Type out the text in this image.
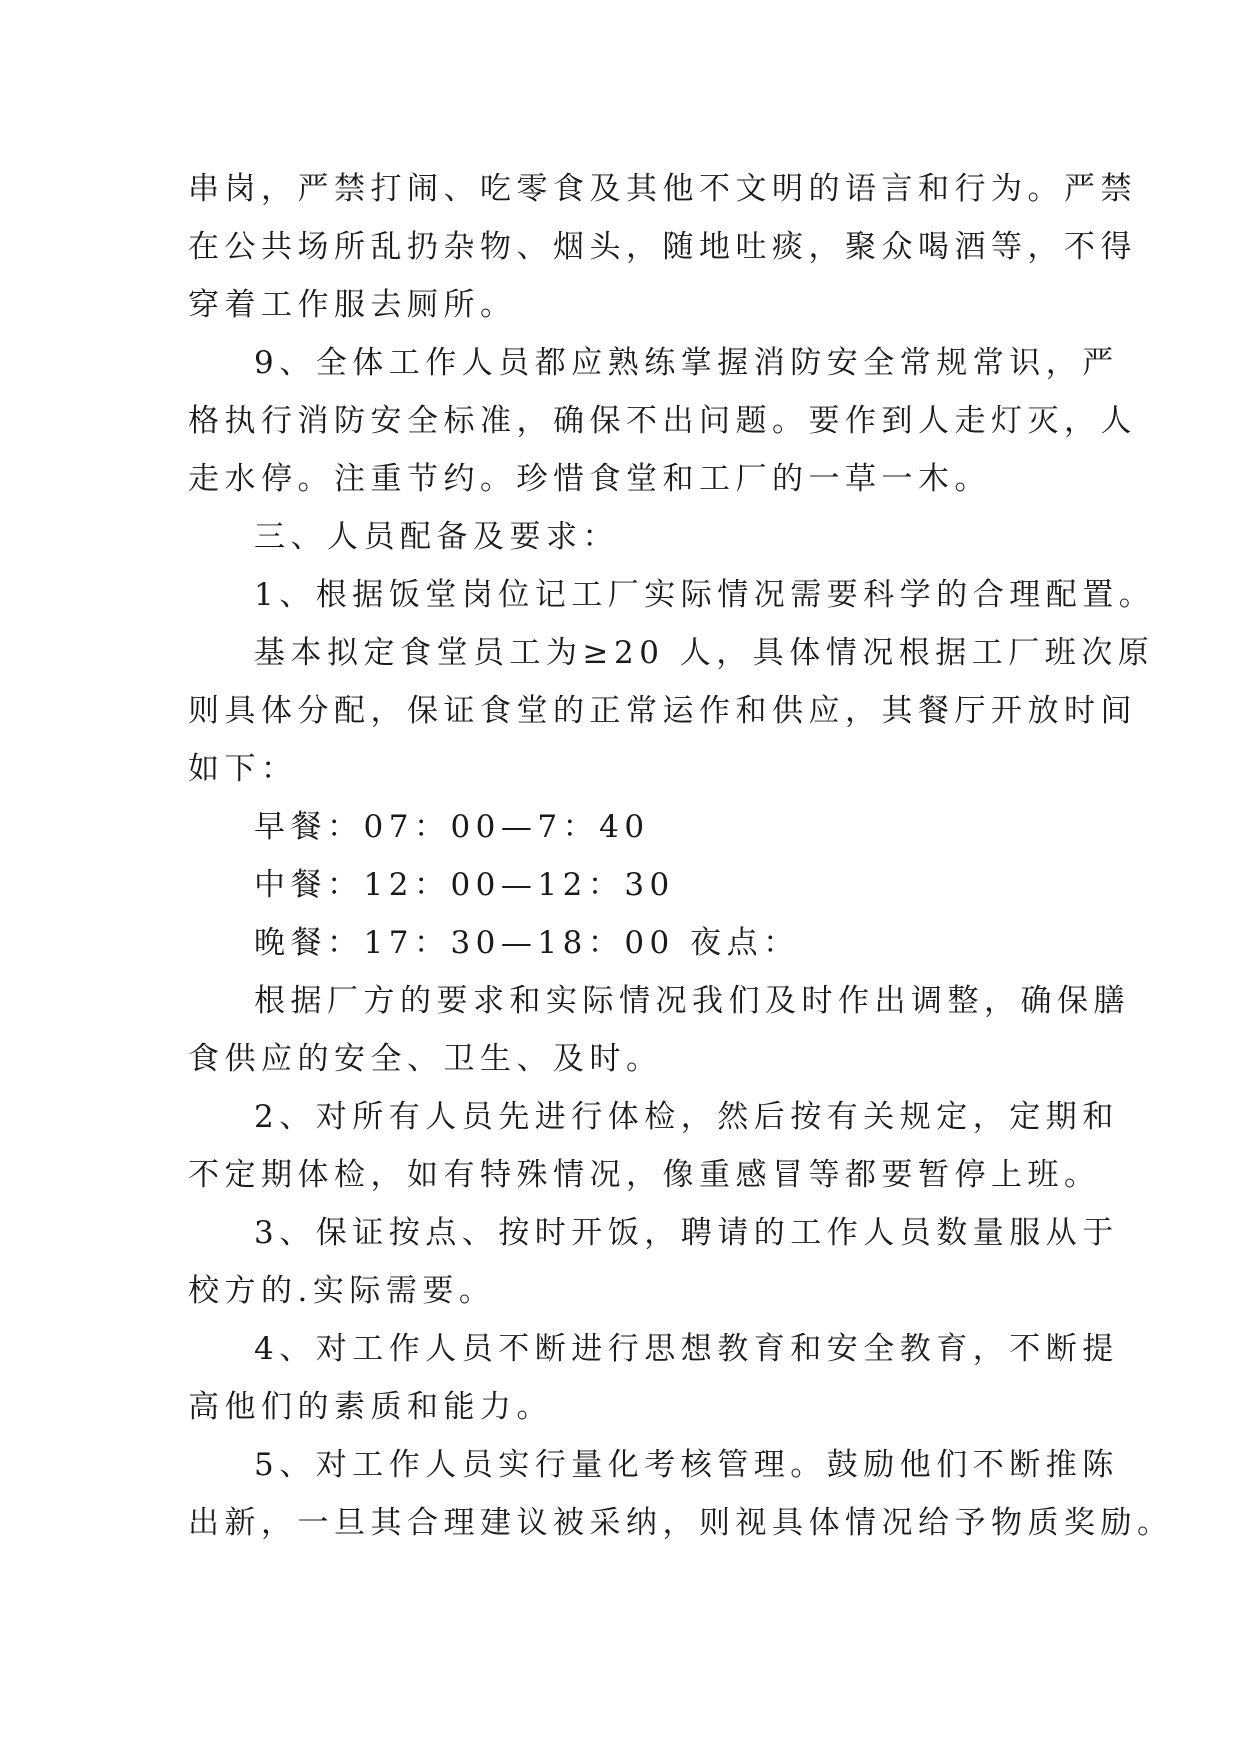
串岗，严禁打闹、吃零食及其他不文明的语言和行为。严禁
在公共场所乱扔杂物、烟头，随地吐痰，聚众喝酒等，不得
穿着工作服去厕所。
9、全体工作人员都应熟练掌握消防安全常规常识，严
格执行消防安全标准，确保不出问题。要作到人走灯灭，人
走水停。注重节约。珍惜食堂和工厂的一草一木。
三、人员配备及要求：
1、根据饭堂岗位记工厂实际情况需要科学的合理配置。
基本拟定食堂员工为≥20 人，具体情况根据工厂班次原
则具体分配，保证食堂的正常运作和供应，其餐厅开放时间
如下：
早餐：07：00—7：40
中餐：12：00—12：30
晚餐：17：30—18：00 夜点：
根据厂方的要求和实际情况我们及时作出调整，确保膳
食供应的安全、卫生、及时。
2、对所有人员先进行体检，然后按有关规定，定期和
不定期体检，如有特殊情况，像重感冒等都要暂停上班。
3、保证按点、按时开饭，聘请的工作人员数量服从于
校方的.实际需要。
4、对工作人员不断进行思想教育和安全教育，不断提
高他们的素质和能力。
5、对工作人员实行量化考核管理。鼓励他们不断推陈
出新，一旦其合理建议被采纳，则视具体情况给予物质奖励。
